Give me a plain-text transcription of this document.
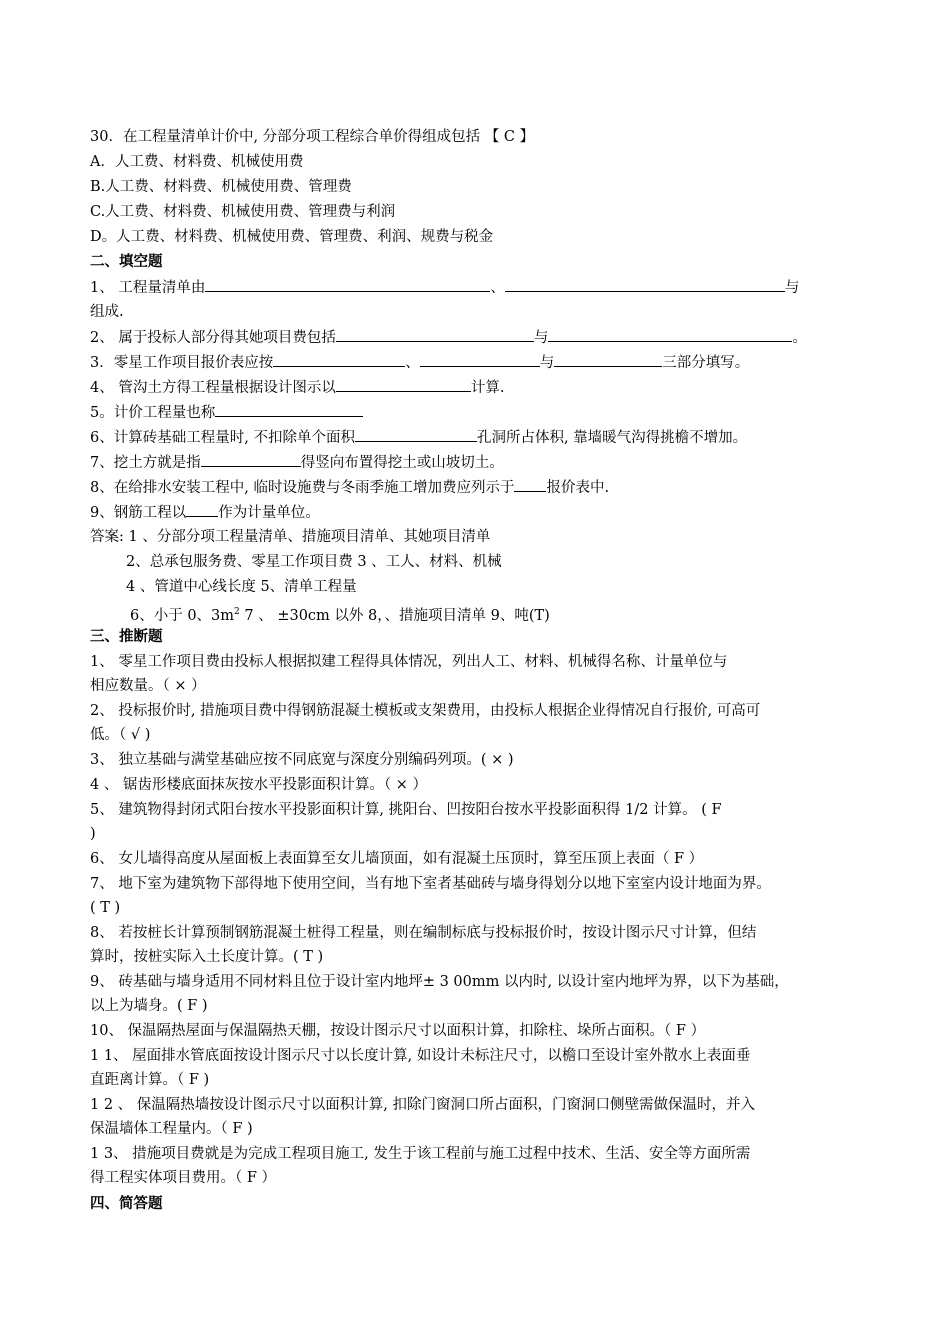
30．在工程量清单计价中, 分部分项工程综合单价得组成包括 【 C 】
A．人工费、材料费、机械使用费
B.人工费、材料费、机械使用费、管理费
C.人工费、材料费、机械使用费、管理费与利润
D。人工费、材料费、机械使用费、管理费、利润、规费与税金
二、填空题
1、 工程量清单由	、	与
组成.
2、 属于投标人部分得其她项目费包括	与	。
3．零星工作项目报价表应按	、	与	三部分填写。
4、 管沟土方得工程量根据设计图示以	计算.
5。计价工程量也称
6、计算砖基础工程量时, 不扣除单个面积	孔洞所占体积, 靠墙暖气沟得挑檐不增加。
7、挖土方就是指	得竖向布置得挖土或山坡切土。
8、在给排水安装工程中, 临时设施费与冬雨季施工增加费应列示于 报价表中.
9、钢筋工程以 作为计量单位。
答案: 1 、分部分项工程量清单、措施项目清单、其她项目清单
2、总承包服务费、零星工作项目费 3 、工人、材料、机械
4 、管道中心线长度 5、清单工程量
6、小于 0、$3m^2$ 7 、 ±30cm 以外 8，、措施项目清单 9、吨(T)
三、推断题
1、 零星工作项目费由投标人根据拟建工程得具体情况，列出人工、材料、机械得名称、计量单位与
相应数量。（ × ）
2、 投标报价时, 措施项目费中得钢筋混凝土模板或支架费用，由投标人根据企业得情况自行报价, 可高可
低。（ √ )
3、 独立基础与满堂基础应按不同底宽与深度分别编码列项。( × )
4 、 锯齿形楼底面抹灰按水平投影面积计算。（ × ）
5、 建筑物得封闭式阳台按水平投影面积计算, 挑阳台、凹按阳台按水平投影面积得 1/2 计算。 ( F
)
6、 女儿墙得高度从屋面板上表面算至女儿墙顶面，如有混凝土压顶时，算至压顶上表面（ F ）
7、 地下室为建筑物下部得地下使用空间，当有地下室者基础砖与墙身得划分以地下室室内设计地面为界。
( T )
8、 若按桩长计算预制钢筋混凝土桩得工程量，则在编制标底与投标报价时，按设计图示尺寸计算，但结
算时，按桩实际入土长度计算。( T )
9、 砖基础与墙身适用不同材料且位于设计室内地坪± 3 00mm 以内时, 以设计室内地坪为界，以下为基础，
以上为墙身。( F )
10、 保温隔热屋面与保温隔热天棚，按设计图示尺寸以面积计算，扣除柱、垛所占面积。（ F ）
1 1、 屋面排水管底面按设计图示尺寸以长度计算, 如设计未标注尺寸，以檐口至设计室外散水上表面垂
直距离计算。（ F )
1 2 、 保温隔热墙按设计图示尺寸以面积计算, 扣除门窗洞口所占面积，门窗洞口侧壁需做保温时，并入
保温墙体工程量内。（ F )
1 3、 措施项目费就是为完成工程项目施工, 发生于该工程前与施工过程中技术、生活、安全等方面所需
得工程实体项目费用。（ F ）
四、简答题
